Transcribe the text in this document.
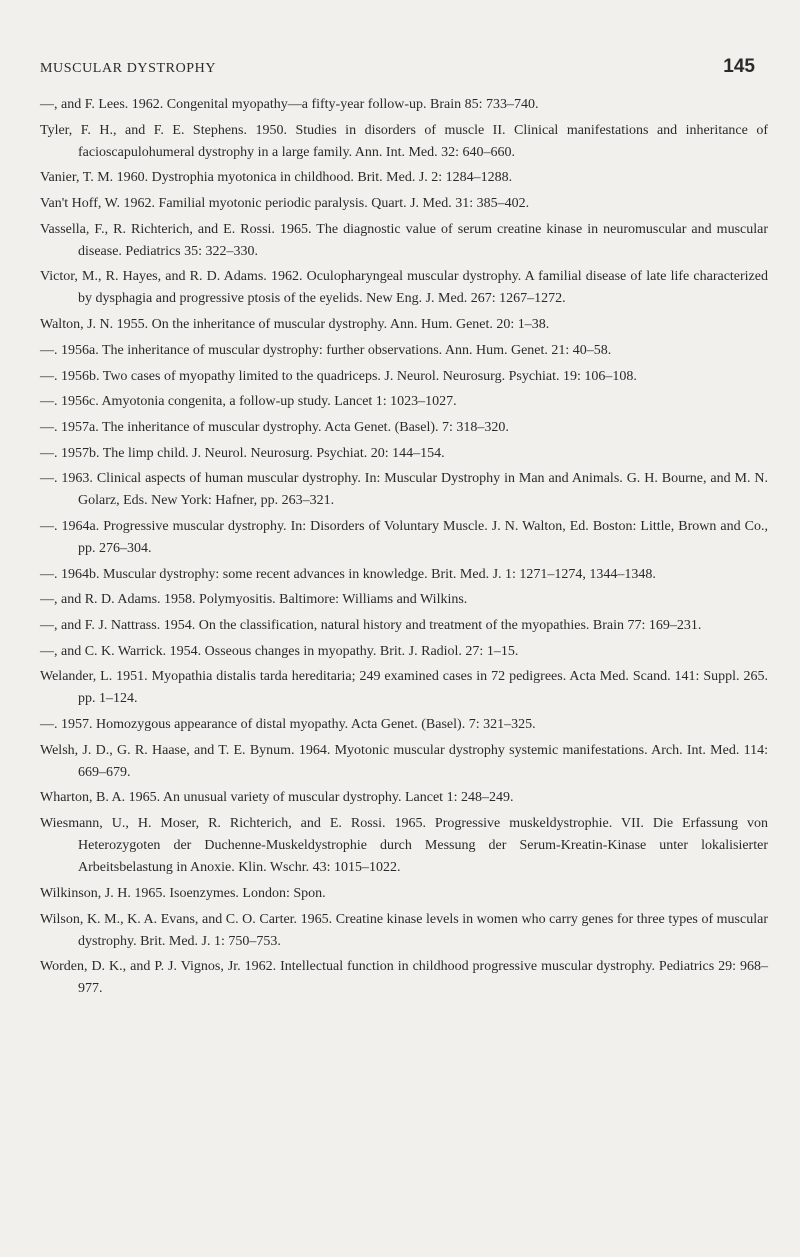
MUSCULAR DYSTROPHY	145
—, and F. Lees. 1962. Congenital myopathy—a fifty-year follow-up. Brain 85: 733–740.
Tyler, F. H., and F. E. Stephens. 1950. Studies in disorders of muscle II. Clinical manifestations and inheritance of facioscapulohumeral dystrophy in a large family. Ann. Int. Med. 32: 640–660.
Vanier, T. M. 1960. Dystrophia myotonica in childhood. Brit. Med. J. 2: 1284–1288.
Van't Hoff, W. 1962. Familial myotonic periodic paralysis. Quart. J. Med. 31: 385–402.
Vassella, F., R. Richterich, and E. Rossi. 1965. The diagnostic value of serum creatine kinase in neuromuscular and muscular disease. Pediatrics 35: 322–330.
Victor, M., R. Hayes, and R. D. Adams. 1962. Oculopharyngeal muscular dystrophy. A familial disease of late life characterized by dysphagia and progressive ptosis of the eyelids. New Eng. J. Med. 267: 1267–1272.
Walton, J. N. 1955. On the inheritance of muscular dystrophy. Ann. Hum. Genet. 20: 1–38.
—. 1956a. The inheritance of muscular dystrophy: further observations. Ann. Hum. Genet. 21: 40–58.
—. 1956b. Two cases of myopathy limited to the quadriceps. J. Neurol. Neurosurg. Psychiat. 19: 106–108.
—. 1956c. Amyotonia congenita, a follow-up study. Lancet 1: 1023–1027.
—. 1957a. The inheritance of muscular dystrophy. Acta Genet. (Basel). 7: 318–320.
—. 1957b. The limp child. J. Neurol. Neurosurg. Psychiat. 20: 144–154.
—. 1963. Clinical aspects of human muscular dystrophy. In: Muscular Dystrophy in Man and Animals. G. H. Bourne, and M. N. Golarz, Eds. New York: Hafner, pp. 263–321.
—. 1964a. Progressive muscular dystrophy. In: Disorders of Voluntary Muscle. J. N. Walton, Ed. Boston: Little, Brown and Co., pp. 276–304.
—. 1964b. Muscular dystrophy: some recent advances in knowledge. Brit. Med. J. 1: 1271–1274, 1344–1348.
—, and R. D. Adams. 1958. Polymyositis. Baltimore: Williams and Wilkins.
—, and F. J. Nattrass. 1954. On the classification, natural history and treatment of the myopathies. Brain 77: 169–231.
—, and C. K. Warrick. 1954. Osseous changes in myopathy. Brit. J. Radiol. 27: 1–15.
Welander, L. 1951. Myopathia distalis tarda hereditaria; 249 examined cases in 72 pedigrees. Acta Med. Scand. 141: Suppl. 265. pp. 1–124.
—. 1957. Homozygous appearance of distal myopathy. Acta Genet. (Basel). 7: 321–325.
Welsh, J. D., G. R. Haase, and T. E. Bynum. 1964. Myotonic muscular dystrophy systemic manifestations. Arch. Int. Med. 114: 669–679.
Wharton, B. A. 1965. An unusual variety of muscular dystrophy. Lancet 1: 248–249.
Wiesmann, U., H. Moser, R. Richterich, and E. Rossi. 1965. Progressive muskeldystrophie. VII. Die Erfassung von Heterozygoten der Duchenne-Muskeldystrophie durch Messung der Serum-Kreatin-Kinase unter lokalisierter Arbeitsbelastung in Anoxie. Klin. Wschr. 43: 1015–1022.
Wilkinson, J. H. 1965. Isoenzymes. London: Spon.
Wilson, K. M., K. A. Evans, and C. O. Carter. 1965. Creatine kinase levels in women who carry genes for three types of muscular dystrophy. Brit. Med. J. 1: 750–753.
Worden, D. K., and P. J. Vignos, Jr. 1962. Intellectual function in childhood progressive muscular dystrophy. Pediatrics 29: 968–977.
